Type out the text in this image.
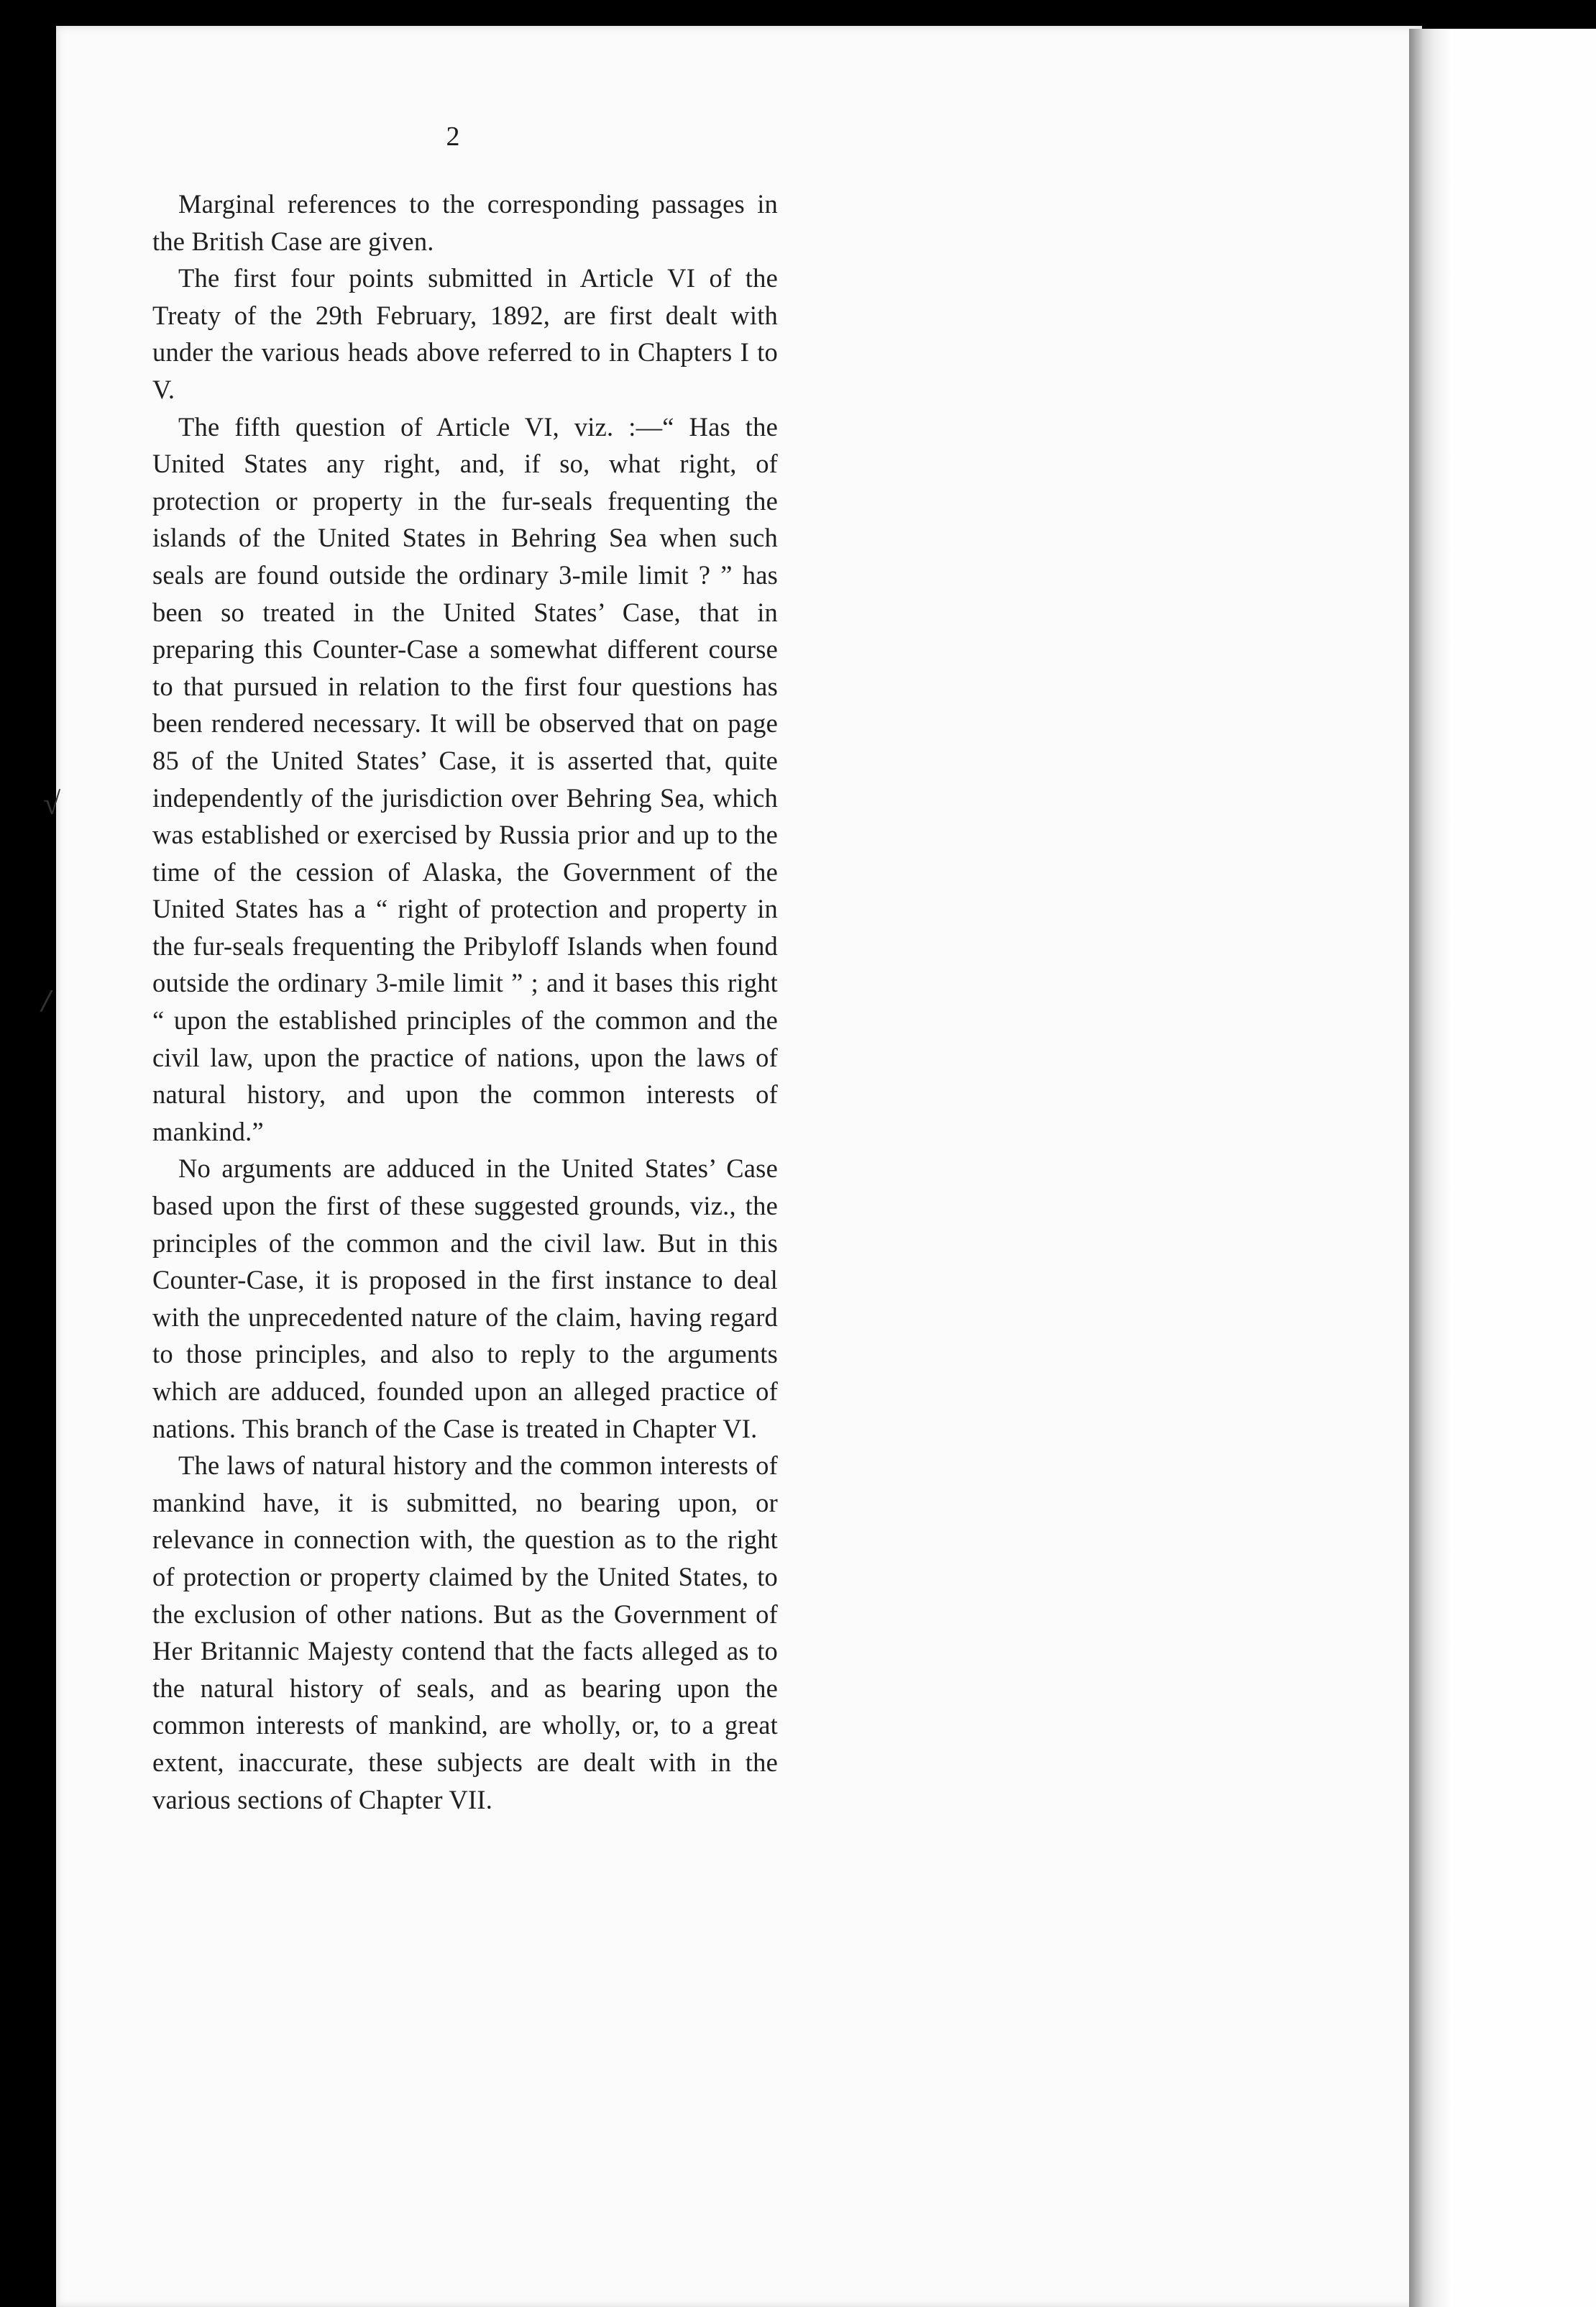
2
√
/

Marginal references to the corresponding passages in the British Case are given.

The first four points submitted in Article VI of the Treaty of the 29th February, 1892, are first dealt with under the various heads above referred to in Chapters I to V.

The fifth question of Article VI, viz. :—“ Has the United States any right, and, if so, what right, of protection or property in the fur-seals frequenting the islands of the United States in Behring Sea when such seals are found outside the ordinary 3-mile limit ? ” has been so treated in the United States’ Case, that in preparing this Counter-Case a somewhat different course to that pursued in relation to the first four questions has been rendered necessary. It will be observed that on page 85 of the United States’ Case, it is asserted that, quite independently of the jurisdiction over Behring Sea, which was established or exercised by Russia prior and up to the time of the cession of Alaska, the Government of the United States has a “ right of protection and property in the fur-seals frequenting the Pribyloff Islands when found outside the ordinary 3-mile limit ” ; and it bases this right “ upon the established principles of the common and the civil law, upon the practice of nations, upon the laws of natural history, and upon the common interests of mankind.”

No arguments are adduced in the United States’ Case based upon the first of these suggested grounds, viz., the principles of the common and the civil law. But in this Counter-Case, it is proposed in the first instance to deal with the unprecedented nature of the claim, having regard to those principles, and also to reply to the arguments which are adduced, founded upon an alleged practice of nations. This branch of the Case is treated in Chapter VI.

The laws of natural history and the common interests of mankind have, it is submitted, no bearing upon, or relevance in connection with, the question as to the right of protection or property claimed by the United States, to the exclusion of other nations. But as the Government of Her Britannic Majesty contend that the facts alleged as to the natural history of seals, and as bearing upon the common interests of mankind, are wholly, or, to a great extent, inaccurate, these subjects are dealt with in the various sections of Chapter VII.
